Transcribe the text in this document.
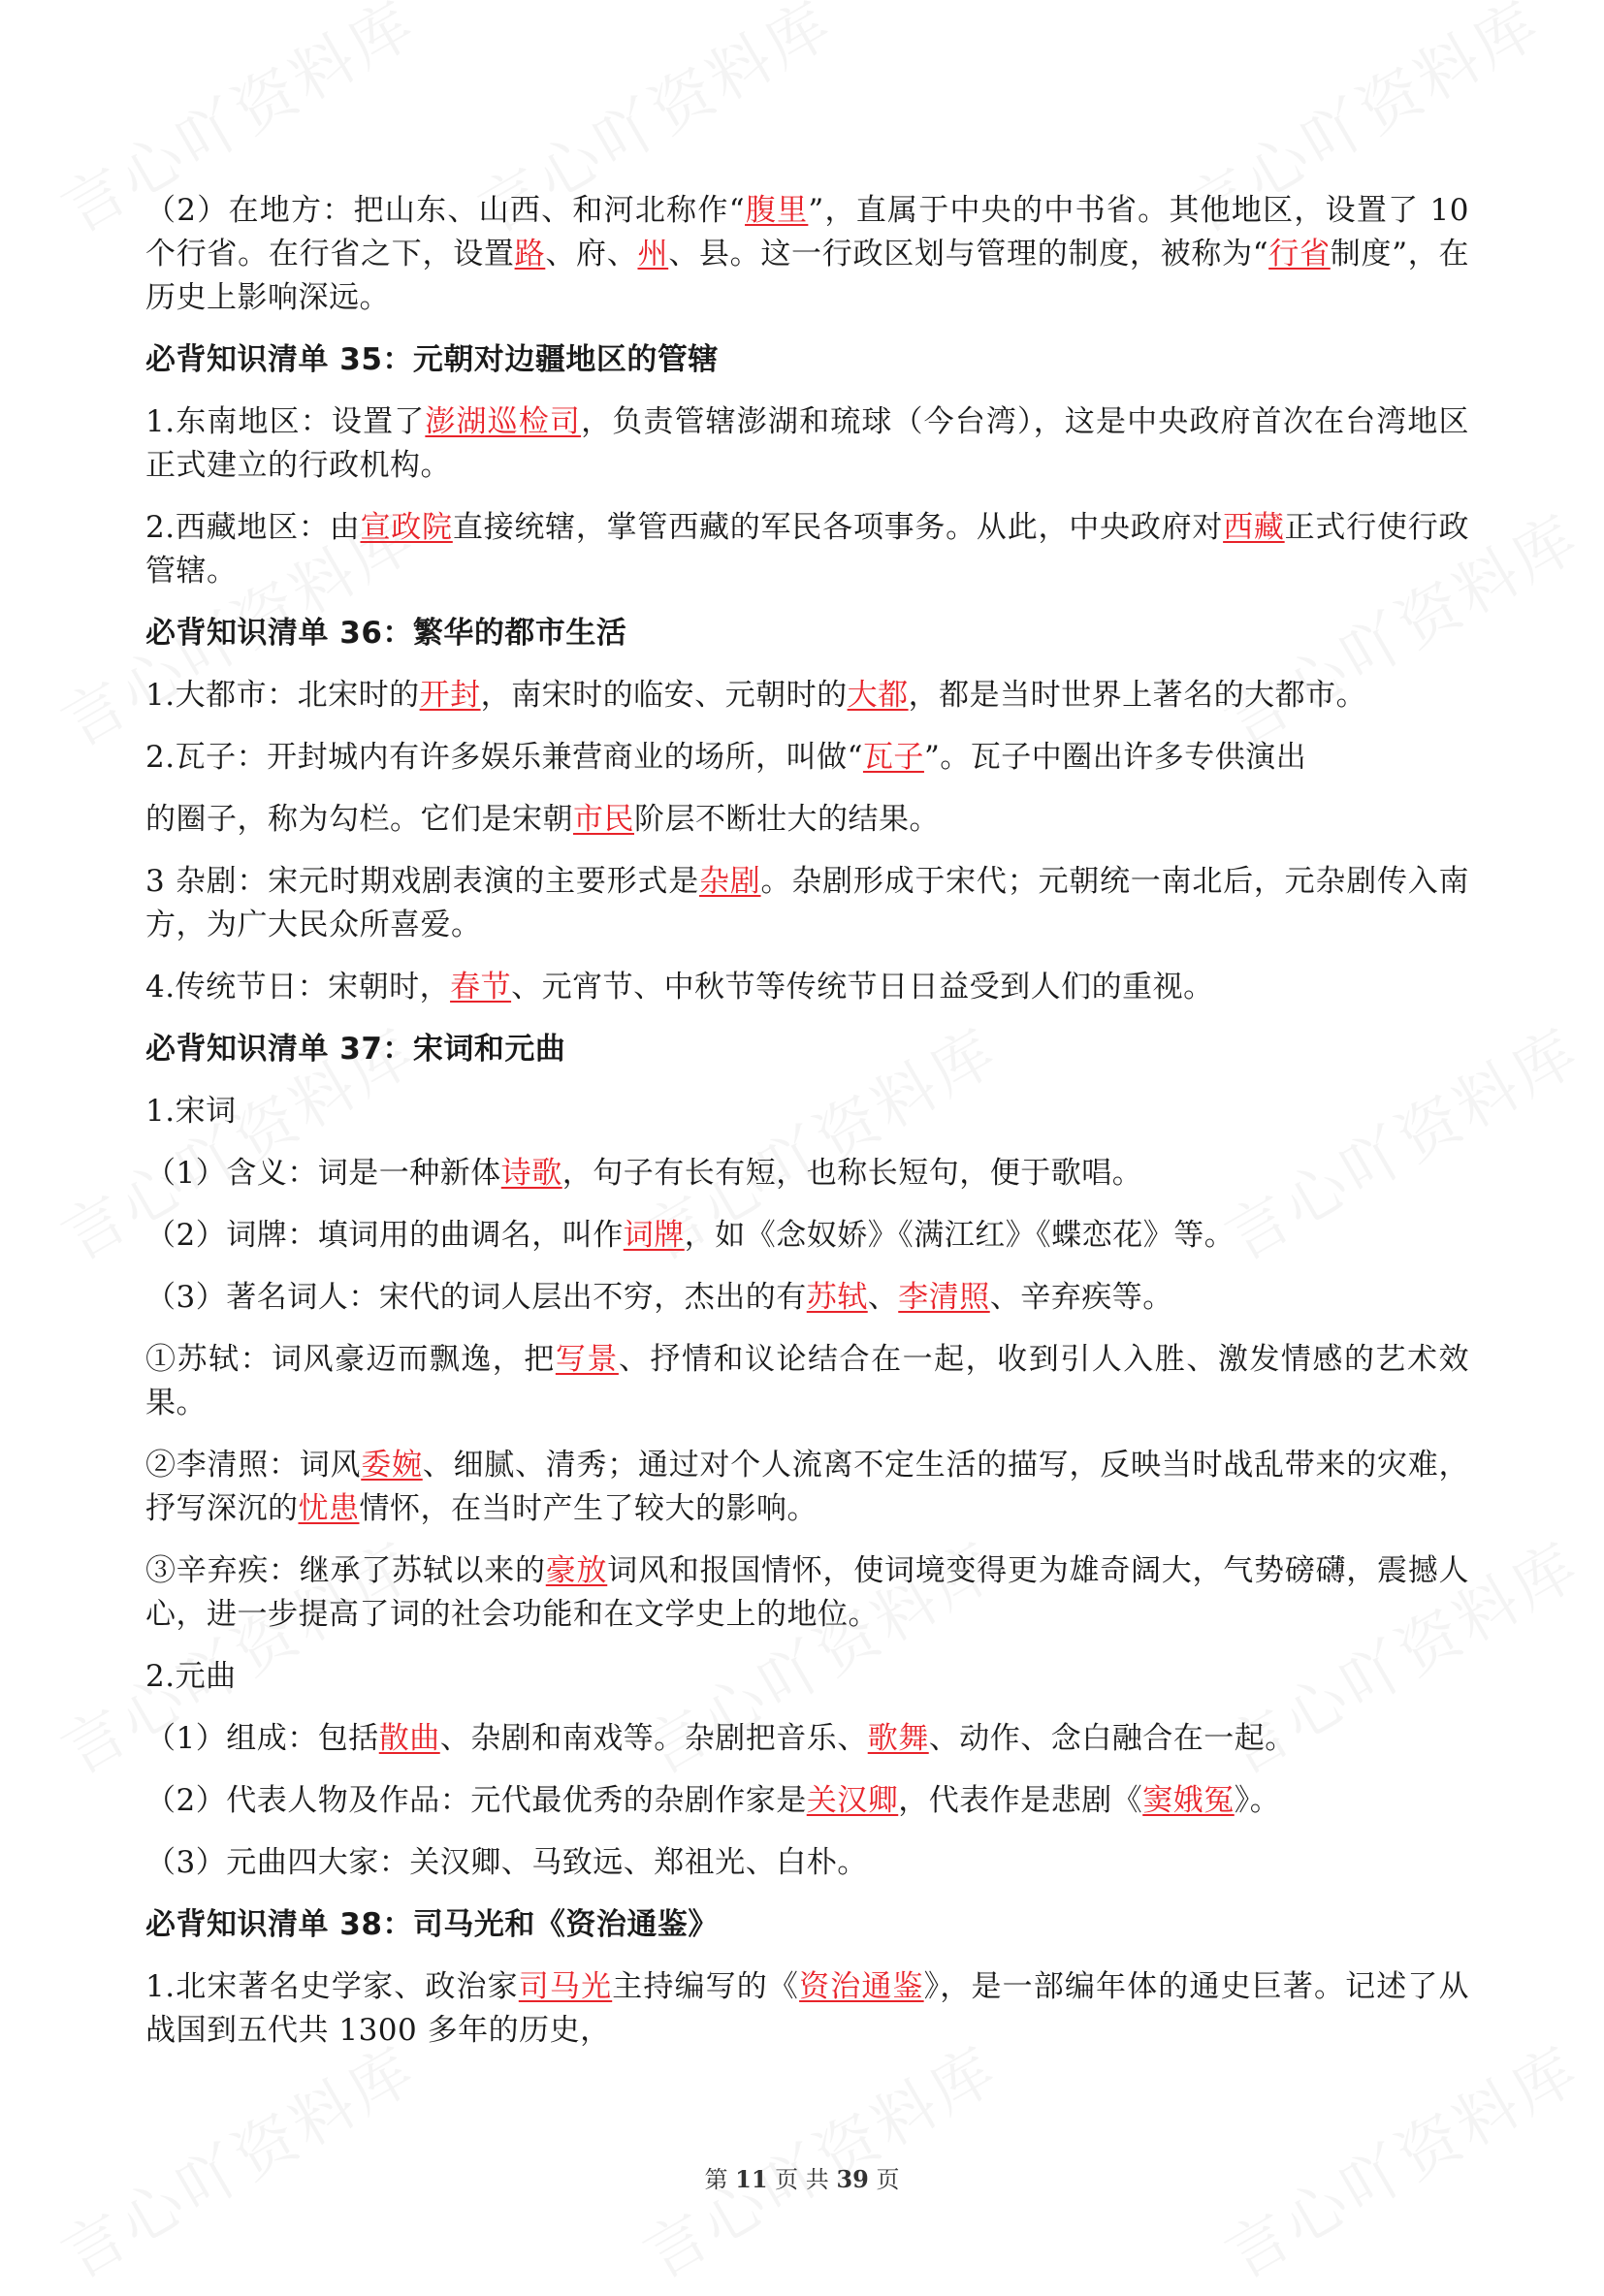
（2）在地方：把山东、山西、和河北称作“腹里”，直属于中央的中书省。其他地区，设置了 10 个行省。在行省之下，设置路、府、州、县。这一行政区划与管理的制度，被称为“行省制度”，在历史上影响深远。
必背知识清单 35：元朝对边疆地区的管辖
1.东南地区：设置了澎湖巡检司，负责管辖澎湖和琉球（今台湾），这是中央政府首次在台湾地区正式建立的行政机构。
2.西藏地区：由宣政院直接统辖，掌管西藏的军民各项事务。从此，中央政府对西藏正式行使行政管辖。
必背知识清单 36：繁华的都市生活
1.大都市：北宋时的开封，南宋时的临安、元朝时的大都，都是当时世界上著名的大都市。
2.瓦子：开封城内有许多娱乐兼营商业的场所，叫做“瓦子”。瓦子中圈出许多专供演出
的圈子，称为勾栏。它们是宋朝市民阶层不断壮大的结果。
3 杂剧：宋元时期戏剧表演的主要形式是杂剧。杂剧形成于宋代；元朝统一南北后，元杂剧传入南方，为广大民众所喜爱。
4.传统节日：宋朝时，春节、元宵节、中秋节等传统节日日益受到人们的重视。
必背知识清单 37：宋词和元曲
1.宋词
（1）含义：词是一种新体诗歌，句子有长有短，也称长短句，便于歌唱。
（2）词牌：填词用的曲调名，叫作词牌，如《念奴娇》《满江红》《蝶恋花》等。
（3）著名词人：宋代的词人层出不穷，杰出的有苏轼、李清照、辛弃疾等。
①苏轼：词风豪迈而飘逸，把写景、抒情和议论结合在一起，收到引人入胜、激发情感的艺术效果。
②李清照：词风委婉、细腻、清秀；通过对个人流离不定生活的描写，反映当时战乱带来的灾难，抒写深沉的忧患情怀，在当时产生了较大的影响。
③辛弃疾：继承了苏轼以来的豪放词风和报国情怀，使词境变得更为雄奇阔大，气势磅礴，震撼人心，进一步提高了词的社会功能和在文学史上的地位。
2.元曲
（1）组成：包括散曲、杂剧和南戏等。杂剧把音乐、歌舞、动作、念白融合在一起。
（2）代表人物及作品：元代最优秀的杂剧作家是关汉卿，代表作是悲剧《窦娥冤》。
（3）元曲四大家：关汉卿、马致远、郑祖光、白朴。
必背知识清单 38：司马光和《资治通鉴》
1.北宋著名史学家、政治家司马光主持编写的《资治通鉴》，是一部编年体的通史巨著。记述了从战国到五代共 1300 多年的历史，
第 11 页 共 39 页
